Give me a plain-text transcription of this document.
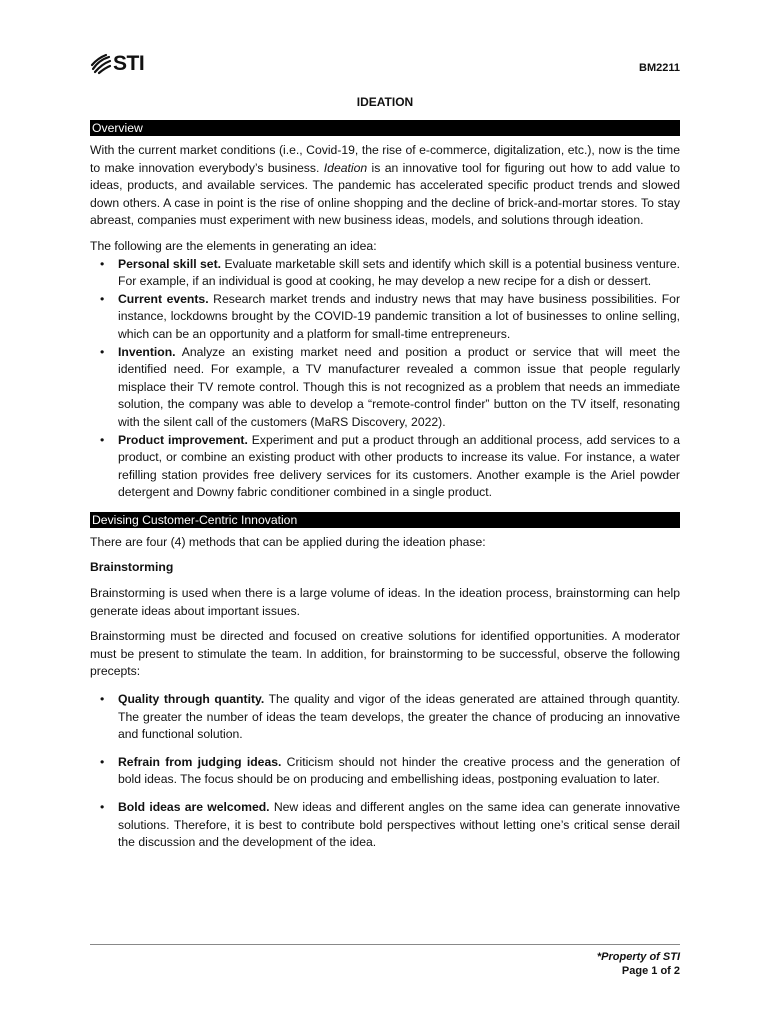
STI	BM2211
IDEATION
Overview

With the current market conditions (i.e., Covid-19, the rise of e-commerce, digitalization, etc.), now is the time to make innovation everybody’s business. Ideation is an innovative tool for figuring out how to add value to ideas, products, and available services. The pandemic has accelerated specific product trends and slowed down others. A case in point is the rise of online shopping and the decline of brick-and-mortar stores. To stay abreast, companies must experiment with new business ideas, models, and solutions through ideation.

The following are the elements in generating an idea:

• Personal skill set. Evaluate marketable skill sets and identify which skill is a potential business venture. For example, if an individual is good at cooking, he may develop a new recipe for a dish or dessert.
• Current events. Research market trends and industry news that may have business possibilities. For instance, lockdowns brought by the COVID-19 pandemic transition a lot of businesses to online selling, which can be an opportunity and a platform for small-time entrepreneurs.
• Invention. Analyze an existing market need and position a product or service that will meet the identified need. For example, a TV manufacturer revealed a common issue that people regularly misplace their TV remote control. Though this is not recognized as a problem that needs an immediate solution, the company was able to develop a “remote-control finder” button on the TV itself, resonating with the silent call of the customers (MaRS Discovery, 2022).
• Product improvement. Experiment and put a product through an additional process, add services to a product, or combine an existing product with other products to increase its value. For instance, a water refilling station provides free delivery services for its customers. Another example is the Ariel powder detergent and Downy fabric conditioner combined in a single product.
Devising Customer-Centric Innovation

There are four (4) methods that can be applied during the ideation phase:

Brainstorming

Brainstorming is used when there is a large volume of ideas. In the ideation process, brainstorming can help generate ideas about important issues.

Brainstorming must be directed and focused on creative solutions for identified opportunities. A moderator must be present to stimulate the team. In addition, for brainstorming to be successful, observe the following precepts:

• Quality through quantity. The quality and vigor of the ideas generated are attained through quantity. The greater the number of ideas the team develops, the greater the chance of producing an innovative and functional solution.
• Refrain from judging ideas. Criticism should not hinder the creative process and the generation of bold ideas. The focus should be on producing and embellishing ideas, postponing evaluation to later.
• Bold ideas are welcomed. New ideas and different angles on the same idea can generate innovative solutions. Therefore, it is best to contribute bold perspectives without letting one’s critical sense derail the discussion and the development of the idea.
*Property of STI
Page 1 of 2
